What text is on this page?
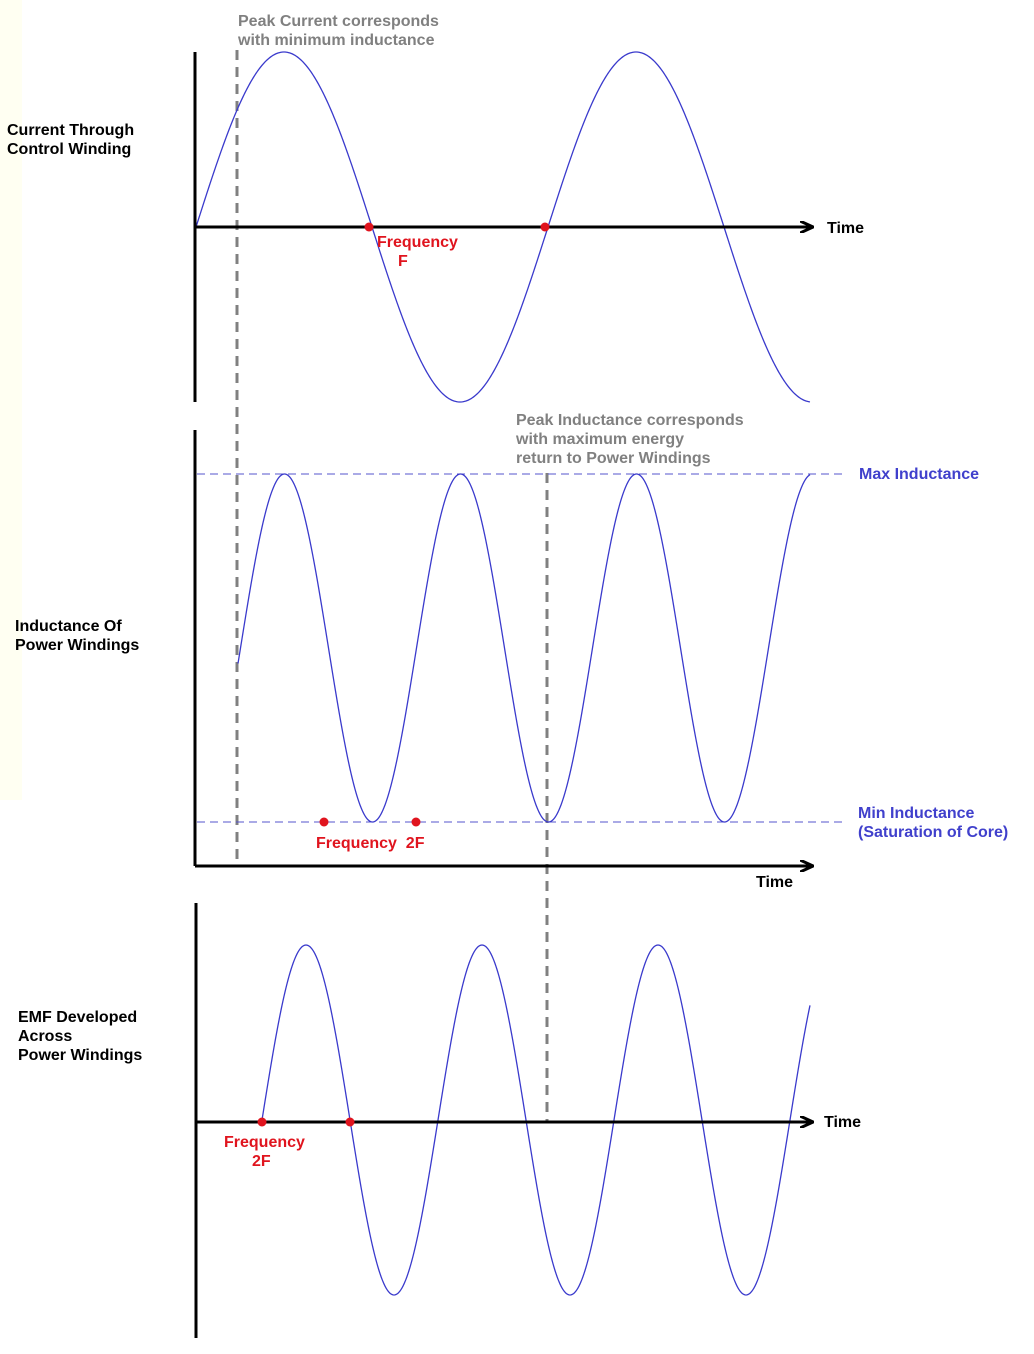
Peak Current corresponds with minimum inductance
Peak Inductance corresponds with maximum energy return to Power Windings
Current Through Control Winding
Time
Frequency F
Inductance Of Power Windings
Time
Frequency  2F
Max Inductance
Min Inductance (Saturation of Core)
EMF Developed Across Power Windings
Time
Frequency 2F
